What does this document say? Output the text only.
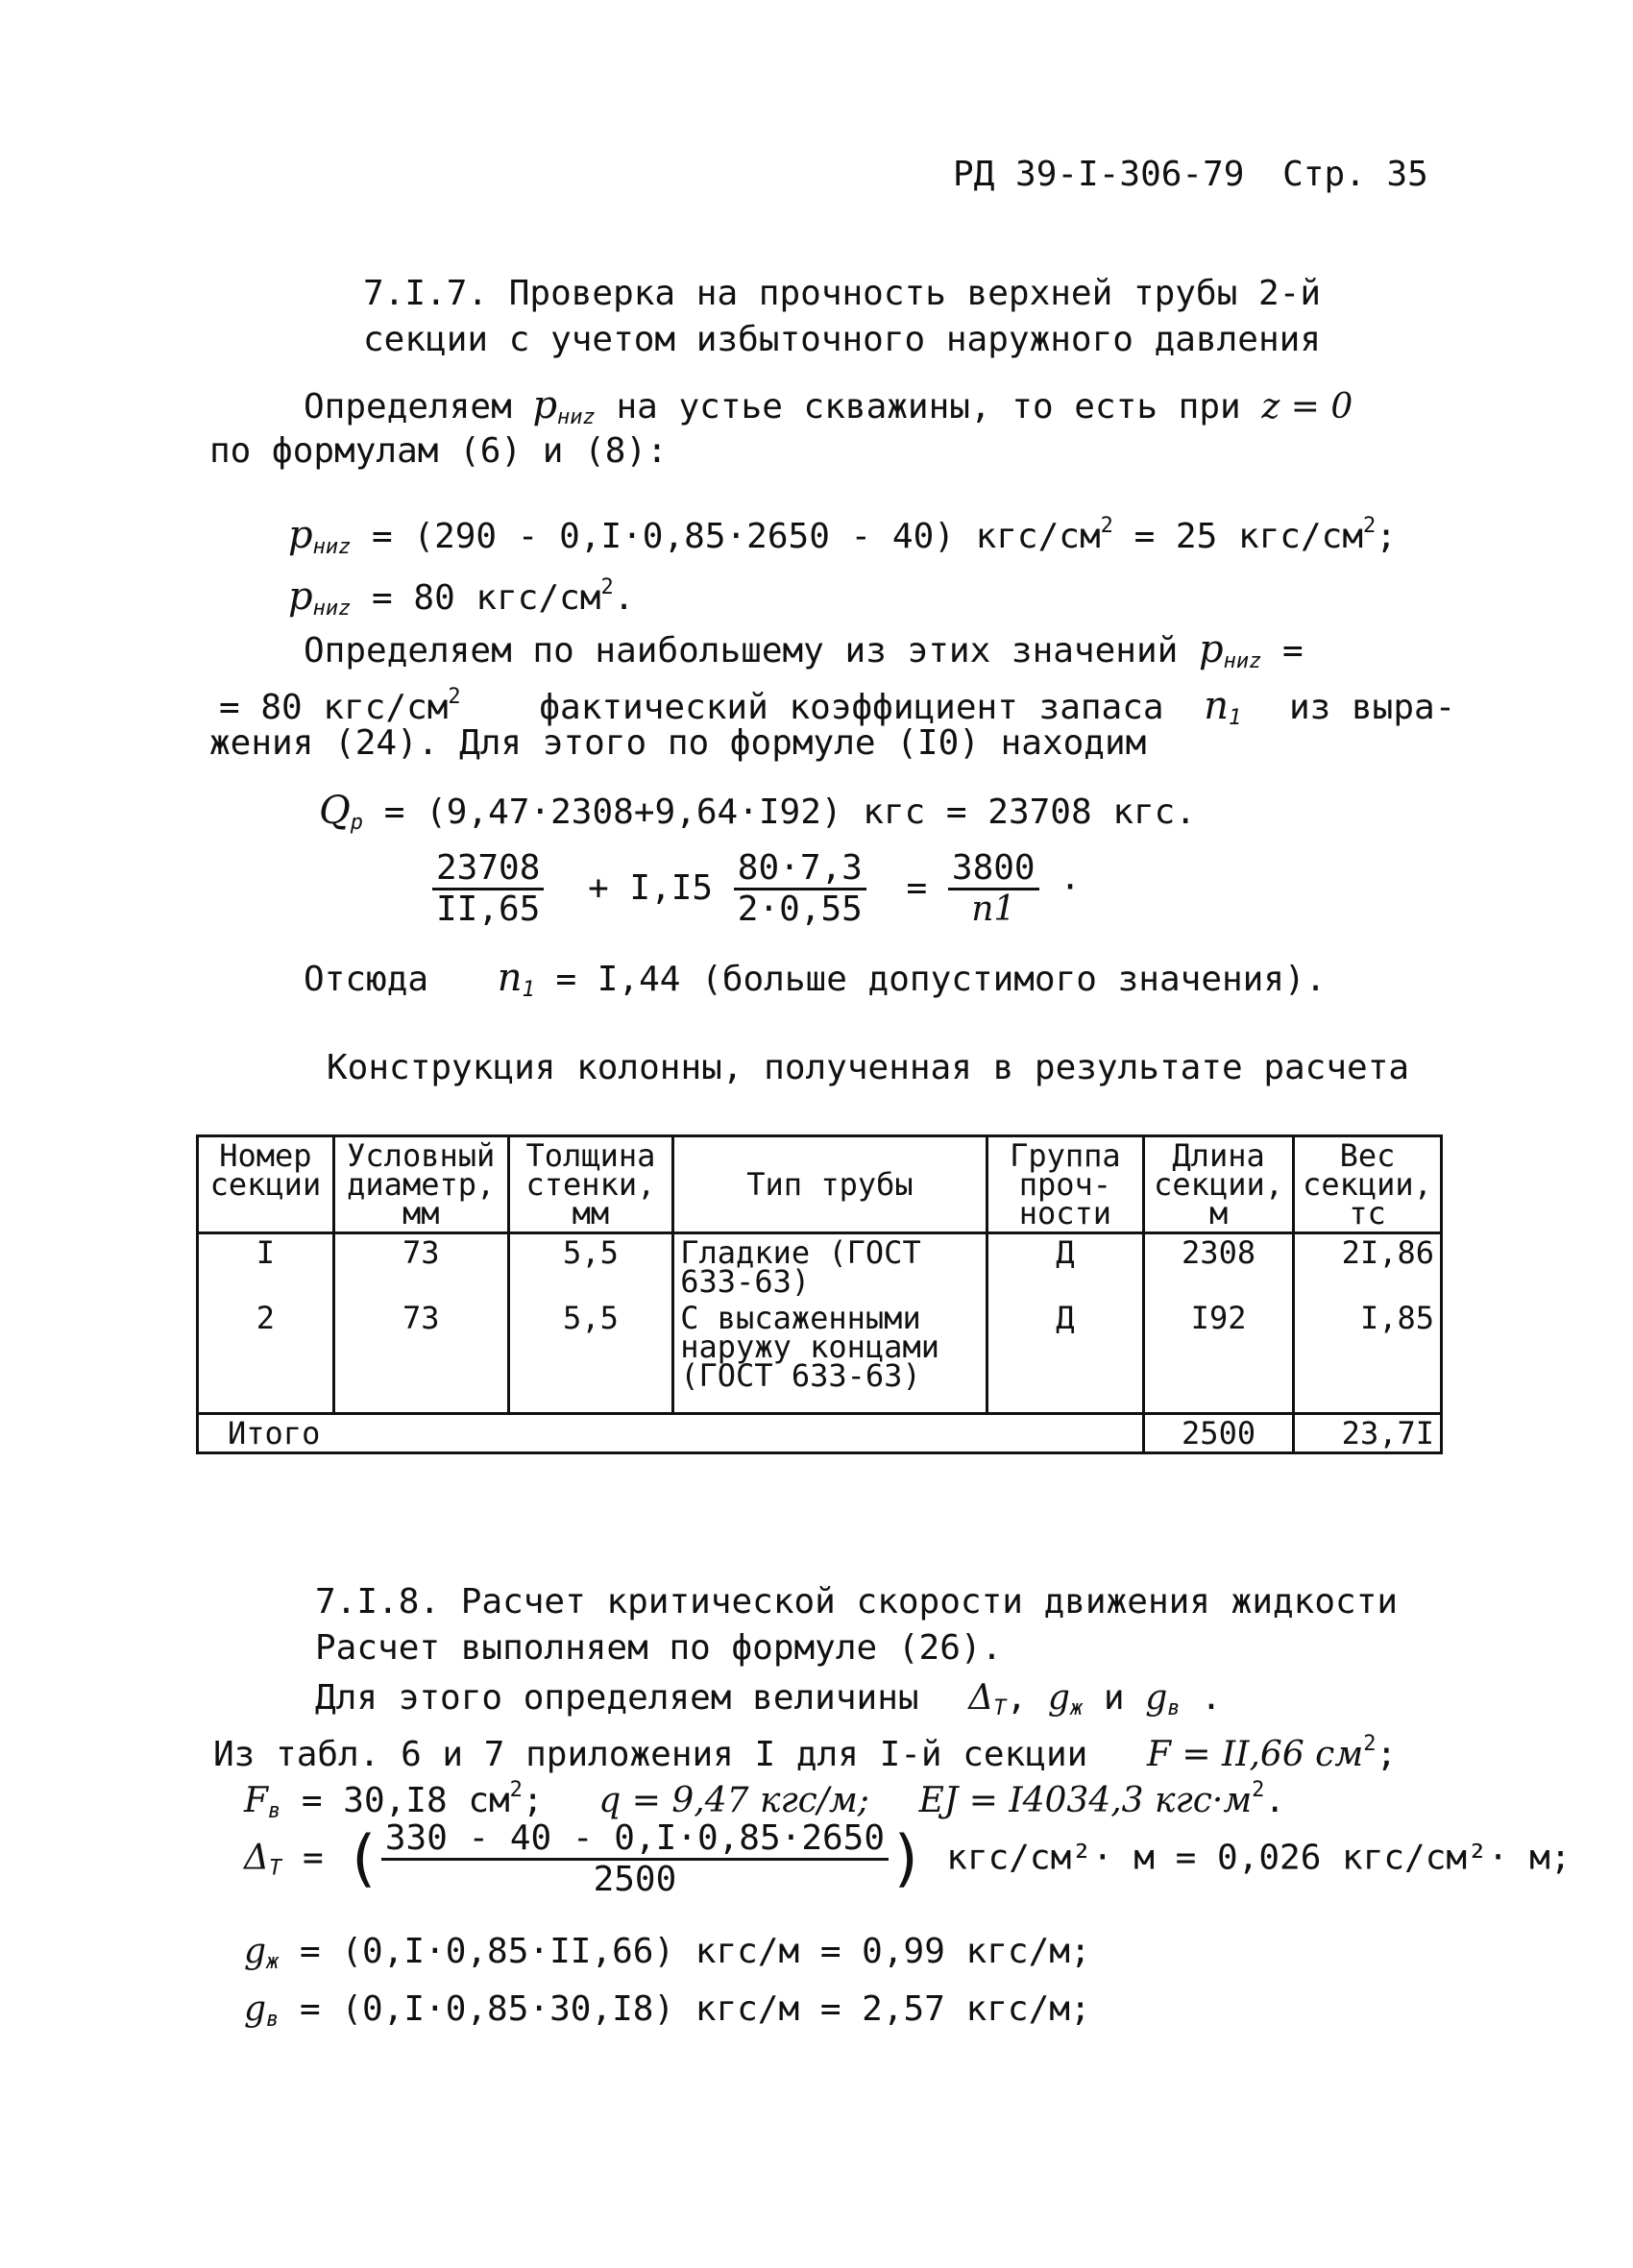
РД 39-I-306-79 Стр. 35
7.I.7. Проверка на прочность верхней трубы 2-й
секции с учетом избыточного наружного давления
Определяем $p_{ниz}$ на устье скважины, то есть при z = 0
по формулам (6) и (8):
$p_{ниz} = (290 - 0,I\cdot 0,85\cdot 2650 - 40) кгс/см^2 = 25$ кгс/$см^2$;
$p_{ниz} = 80$ кгс/$см^2$.
Определяем по наибольшему из этих значений $p_{ниz}$ =
= 80 кгс/$см^2$ фактический коэффициент запаса $n_1$ из выра-
жения (24). Для этого по формуле (I0) находим
$Q_p = (9,47\cdot 2308+9,64\cdot I92)$ кгс = 23708 кгс.
$\frac{23708}{II,65} + I,I5 \frac{80\cdot 7,3}{2\cdot 0,55} = \frac{3800}{n1}$ ·
Отсюда $n_1 = I,44$ (больше допустимого значения).
Конструкция колонны, полученная в результате расчета
Номер секции	Условный диаметр, мм	Толщина стенки, мм	Тип трубы	Группа проч-ности	Длина секции, м	Вес секции, тс
I	73	5,5	Гладкие (ГОСТ 633-63)	Д	2308	2I,86
2	73	5,5	С высаженными наружу концами (ГОСТ 633-63)	Д	I92	I,85
Итого					2500	23,7I
7.I.8. Расчет критической скорости движения жидкости
Расчет выполняем по формуле (26).
Для этого определяем величины $\Delta_T$, $g_ж$ и $g_в$ .
Из табл. 6 и 7 приложения I для I-й секции F = II,66 $см^2$;
$F_в = 30,I8$ $см^2$; q = 9,47 кгс/м; EJ = I4034,3 $кгс\cdot м^2$.
$\Delta_T$ = ( $\frac{330 - 40 - 0,I\cdot 0,85\cdot 2650}{2500}$ ) кгс/см²· м = 0,026 кгс/см²· м;
$g_ж = (0,I\cdot 0,85\cdot II,66) кгс/м = 0,99$ кгс/м;
$g_в = (0,I\cdot 0,85\cdot 30,I8) кгс/м = 2,57$ кгс/м;
